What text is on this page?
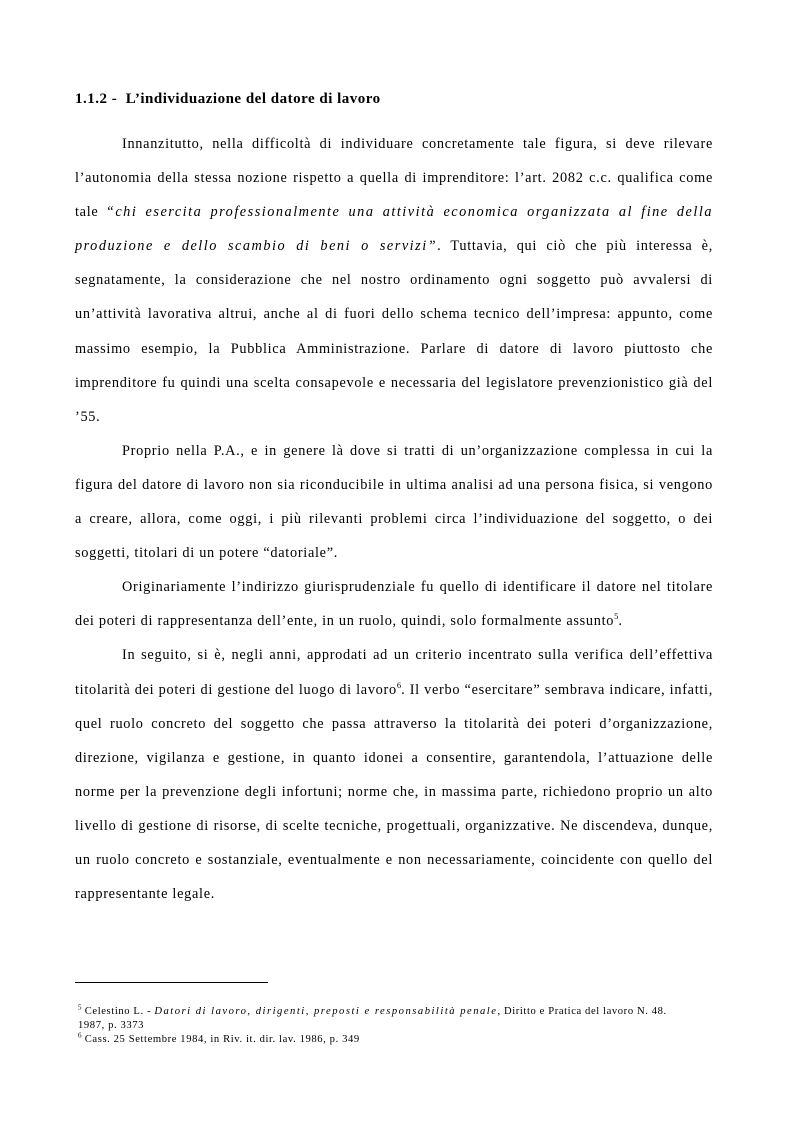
1.1.2 - L’individuazione del datore di lavoro

Innanzitutto, nella difficoltà di individuare concretamente tale figura, si deve rilevare l’autonomia della stessa nozione rispetto a quella di imprenditore: l’art. 2082 c.c. qualifica come tale “chi esercita professionalmente una attività economica organizzata al fine della produzione e dello scambio di beni o servizi”. Tuttavia, qui ciò che più interessa è, segnatamente, la considerazione che nel nostro ordinamento ogni soggetto può avvalersi di un’attività lavorativa altrui, anche al di fuori dello schema tecnico dell’impresa: appunto, come massimo esempio, la Pubblica Amministrazione. Parlare di datore di lavoro piuttosto che imprenditore fu quindi una scelta consapevole e necessaria del legislatore prevenzionistico già del ’55.

Proprio nella P.A., e in genere là dove si tratti di un’organizzazione complessa in cui la figura del datore di lavoro non sia riconducibile in ultima analisi ad una persona fisica, si vengono a creare, allora, come oggi, i più rilevanti problemi circa l’individuazione del soggetto, o dei soggetti, titolari di un potere “datoriale”.

Originariamente l’indirizzo giurisprudenziale fu quello di identificare il datore nel titolare dei poteri di rappresentanza dell’ente, in un ruolo, quindi, solo formalmente assunto$^5$.

In seguito, si è, negli anni, approdati ad un criterio incentrato sulla verifica dell’effettiva titolarità dei poteri di gestione del luogo di lavoro$^6$. Il verbo “esercitare” sembrava indicare, infatti, quel ruolo concreto del soggetto che passa attraverso la titolarità dei poteri d’organizzazione, direzione, vigilanza e gestione, in quanto idonei a consentire, garantendola, l’attuazione delle norme per la prevenzione degli infortuni; norme che, in massima parte, richiedono proprio un alto livello di gestione di risorse, di scelte tecniche, progettuali, organizzative. Ne discendeva, dunque, un ruolo concreto e sostanziale, eventualmente e non necessariamente, coincidente con quello del rappresentante legale.

$^5$ Celestino L. - Datori di lavoro, dirigenti, preposti e responsabilità penale, Diritto e Pratica del lavoro N. 48. 1987, p. 3373

$^6$ Cass. 25 Settembre 1984, in Riv. it. dir. lav. 1986, p. 349
